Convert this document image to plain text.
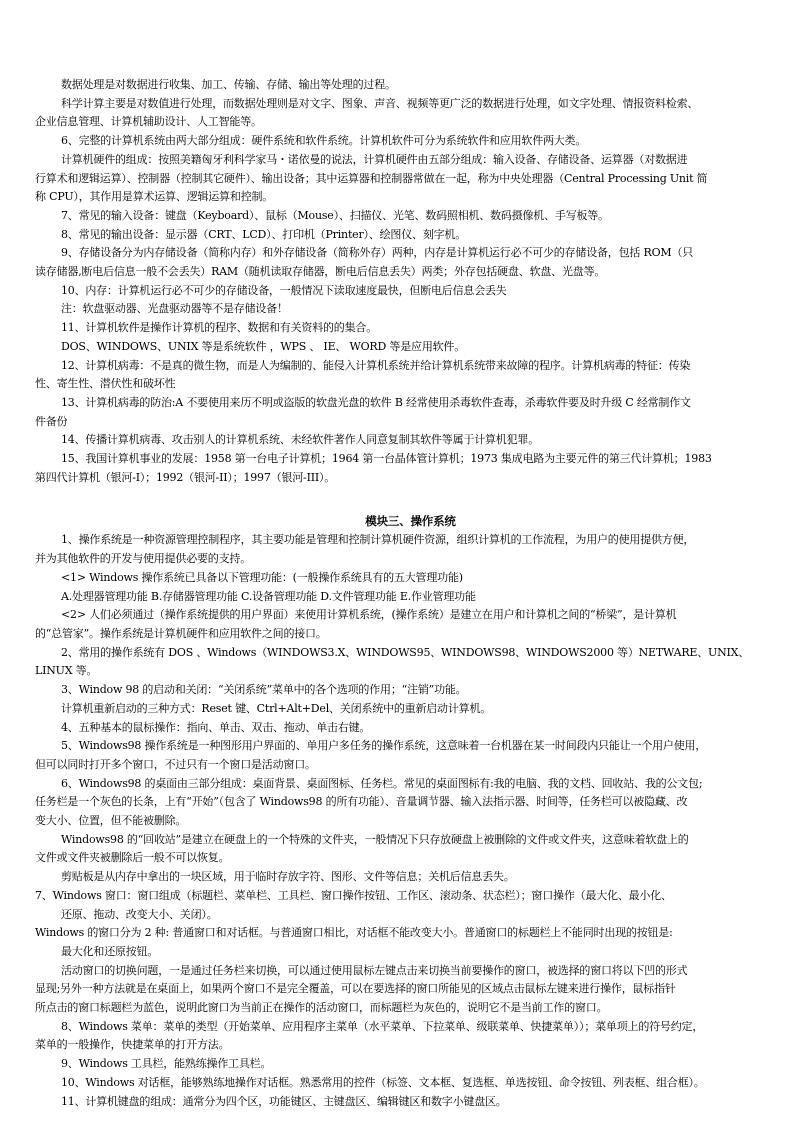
数据处理是对数据进行收集、加工、传输、存储、输出等处理的过程。

科学计算主要是对数值进行处理，而数据处理则是对文字、图象、声音、视频等更广泛的数据进行处理，如文字处理、情报资料检索、

企业信息管理、计算机辅助设计、人工智能等。

6、完整的计算机系统由两大部分组成：硬件系统和软件系统。计算机软件可分为系统软件和应用软件两大类。

计算机硬件的组成：按照美籍匈牙利科学家马・诺依曼的说法，计算机硬件由五部分组成：输入设备、存储设备、运算器（对数据进

行算术和逻辑运算）、控制器（控制其它硬件）、输出设备；其中运算器和控制器常做在一起，称为中央处理器（Central Processing Unit 简

称 CPU），其作用是算术运算、逻辑运算和控制。

7、常见的输入设备：键盘（Keyboard）、鼠标（Mouse）、扫描仪、光笔、数码照相机、数码摄像机、手写板等。

8、常见的输出设备：显示器（CRT、LCD）、打印机（Printer）、绘图仪、刻字机。

9、存储设备分为内存储设备（简称内存）和外存储设备（简称外存）两种，内存是计算机运行必不可少的存储设备，包括 ROM（只

读存储器,断电后信息一般不会丢失）RAM（随机读取存储器，断电后信息丢失）两类；外存包括硬盘、软盘、光盘等。

10、内存：计算机运行必不可少的存储设备，一般情况下读取速度最快，但断电后信息会丢失

注：软盘驱动器、光盘驱动器等不是存储设备！

11、计算机软件是操作计算机的程序、数据和有关资料的的集合。

DOS、WINDOWS、UNIX 等是系统软件 ，WPS 、 IE、 WORD 等是应用软件。

12、计算机病毒：不是真的微生物，而是人为编制的、能侵入计算机系统并给计算机系统带来故障的程序。计算机病毒的特征：传染

性、寄生性、潜伏性和破坏性

13、计算机病毒的防治:A 不要使用来历不明或盗版的软盘光盘的软件 B 经常使用杀毒软件查毒，杀毒软件要及时升级 C 经常制作文

件备份

14、传播计算机病毒、攻击别人的计算机系统、未经软件著作人同意复制其软件等属于计算机犯罪。

15、我国计算机事业的发展：1958 第一台电子计算机；1964 第一台晶体管计算机；1973 集成电路为主要元件的第三代计算机；1983

第四代计算机（银河-I）；1992（银河-II）；1997（银河-III）。

模块三、操作系统

1、操作系统是一种资源管理控制程序，其主要功能是管理和控制计算机硬件资源，组织计算机的工作流程，为用户的使用提供方便，

并为其他软件的开发与使用提供必要的支持。

<1> Windows 操作系统已具备以下管理功能：(一般操作系统具有的五大管理功能)

A.处理器管理功能 B.存储器管理功能 C.设备管理功能 D.文件管理功能 E.作业管理功能

<2> 人们必须通过（操作系统提供的用户界面）来使用计算机系统，(操作系统）是建立在用户和计算机之间的“桥梁”，是计算机

的“总管家”。操作系统是计算机硬件和应用软件之间的接口。

2、常用的操作系统有 DOS 、Windows（WINDOWS3.X、WINDOWS95、WINDOWS98、WINDOWS2000 等）NETWARE、UNIX、

LINUX 等。

3、Window 98 的启动和关闭：“关闭系统”菜单中的各个选项的作用；“注销”功能。

计算机重新启动的三种方式：Reset 键、Ctrl+Alt+Del、关闭系统中的重新启动计算机。

4、五种基本的鼠标操作：指向、单击、双击、拖动、单击右键。

5、Windows98 操作系统是一种图形用户界面的、单用户多任务的操作系统，这意味着一台机器在某一时间段内只能让一个用户使用，

但可以同时打开多个窗口，不过只有一个窗口是活动窗口。

6、Windows98 的桌面由三部分组成：桌面背景、桌面图标、任务栏。常见的桌面图标有:我的电脑、我的文档、回收站、我的公文包;

任务栏是一个灰色的长条，上有“开始”（包含了 Windows98 的所有功能）、音量调节器、输入法指示器、时间等，任务栏可以被隐藏、改

变大小、位置，但不能被删除。

Windows98 的“回收站”是建立在硬盘上的一个特殊的文件夹，一般情况下只存放硬盘上被删除的文件或文件夹，这意味着软盘上的

文件或文件夹被删除后一般不可以恢复。

剪贴板是从内存中拿出的一块区域，用于临时存放字符、图形、文件等信息；关机后信息丢失。

7、Windows 窗口：窗口组成（标题栏、菜单栏、工具栏、窗口操作按钮、工作区、滚动条、状态栏）；窗口操作（最大化、最小化、

还原、拖动、改变大小、关闭）。

Windows 的窗口分为 2 种: 普通窗口和对话框。与普通窗口相比，对话框不能改变大小。普通窗口的标题栏上不能同时出现的按钮是:

最大化和还原按钮。

活动窗口的切换问题，一是通过任务栏来切换，可以通过使用鼠标左键点击来切换当前要操作的窗口，被选择的窗口将以下凹的形式

显现;另外一种方法就是在桌面上，如果两个窗口不是完全覆盖，可以在要选择的窗口所能见的区域点击鼠标左键来进行操作，鼠标指针

所点击的窗口标题栏为蓝色，说明此窗口为当前正在操作的活动窗口，而标题栏为灰色的，说明它不是当前工作的窗口。

8、Windows 菜单：菜单的类型（开始菜单、应用程序主菜单（水平菜单、下拉菜单、级联菜单、快捷菜单））；菜单项上的符号约定，

菜单的一般操作，快捷菜单的打开方法。

9、Windows 工具栏，能熟练操作工具栏。

10、Windows 对话框，能够熟练地操作对话框。熟悉常用的控件（标签、文本框、复选框、单选按钮、命令按钮、列表框、组合框）。

11、计算机键盘的组成：通常分为四个区，功能键区、主键盘区、编辑键区和数字小键盘区。
